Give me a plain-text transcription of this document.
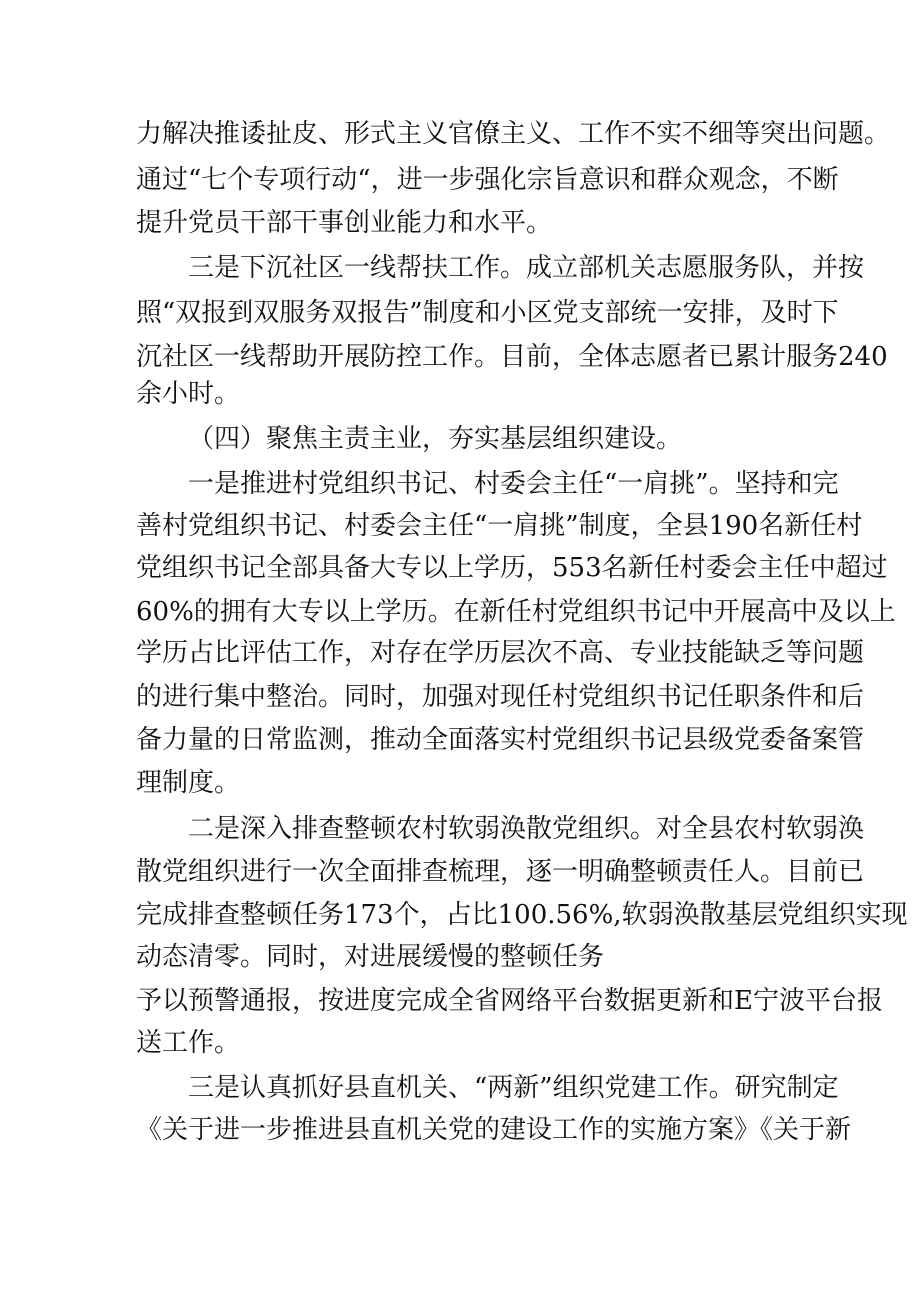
力解决推诿扯皮、形式主义官僚主义、工作不实不细等突出问题。
通过“七个专项行动“，进一步强化宗旨意识和群众观念，不断
提升党员干部干事创业能力和水平。
三是下沉社区一线帮扶工作。成立部机关志愿服务队，并按
照“双报到双服务双报告”制度和小区党支部统一安排，及时下
沉社区一线帮助开展防控工作。目前，全体志愿者已累计服务240
余小时。
（四）聚焦主责主业，夯实基层组织建设。
一是推进村党组织书记、村委会主任“一肩挑”。坚持和完
善村党组织书记、村委会主任“一肩挑”制度，全县190名新任村
党组织书记全部具备大专以上学历，553名新任村委会主任中超过
60%的拥有大专以上学历。在新任村党组织书记中开展高中及以上
学历占比评估工作，对存在学历层次不高、专业技能缺乏等问题
的进行集中整治。同时，加强对现任村党组织书记任职条件和后
备力量的日常监测，推动全面落实村党组织书记县级党委备案管
理制度。
二是深入排查整顿农村软弱涣散党组织。对全县农村软弱涣
散党组织进行一次全面排查梳理，逐一明确整顿责任人。目前已
完成排查整顿任务173个，占比100.56%,软弱涣散基层党组织实现
动态清零。同时，对进展缓慢的整顿任务
予以预警通报，按进度完成全省网络平台数据更新和E宁波平台报
送工作。
三是认真抓好县直机关、“两新”组织党建工作。研究制定
《关于进一步推进县直机关党的建设工作的实施方案》《关于新
